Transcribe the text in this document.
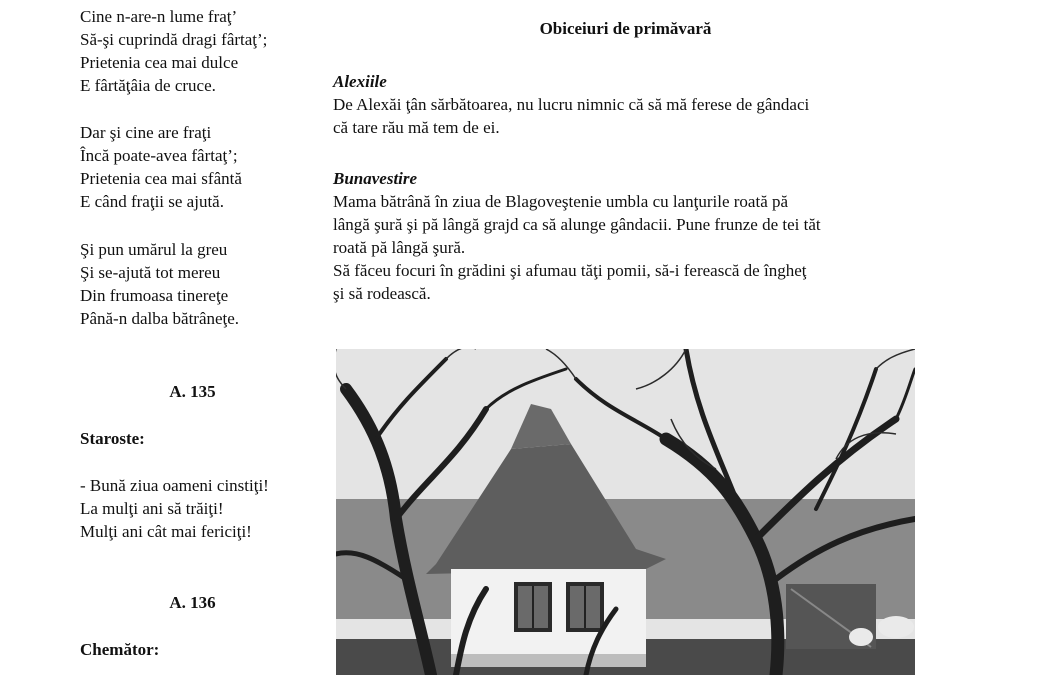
Cine n-are-n lume fraţ’
Să-şi cuprindă dragi fârtaţ’;
Prietenia cea mai dulce
E fârtăţâia de cruce.
Dar şi cine are fraţi
Încă poate-avea fârtaţ’;
Prietenia cea mai sfântă
E când fraţii se ajută.
Şi pun umărul la greu
Şi se-ajută tot mereu
Din frumoasa tinereţe
Până-n dalba bătrâneţe.
A. 135
Staroste:
- Bună ziua oameni cinstiţi!
La mulţi ani să trăiţi!
Mulţi ani cât mai fericiţi!
A. 136
Chemător:
Obiceiuri de primăvară
Alexiile
De Alexăi ţân sărbătoarea, nu lucru nimnic că să mă ferese de gândaci
că tare rău mă tem de ei.
Bunavestire
Mama bătrână în ziua de Blagoveştenie umbla cu lanţurile roată pă
lângă şură şi pă lângă grajd ca să alunge gândacii. Pune frunze de tei tăt
roată pă lângă şură.
Să făceu focuri în grădini şi afumau tăţi pomii, să-i ferească de îngheţ
şi să rodească.
